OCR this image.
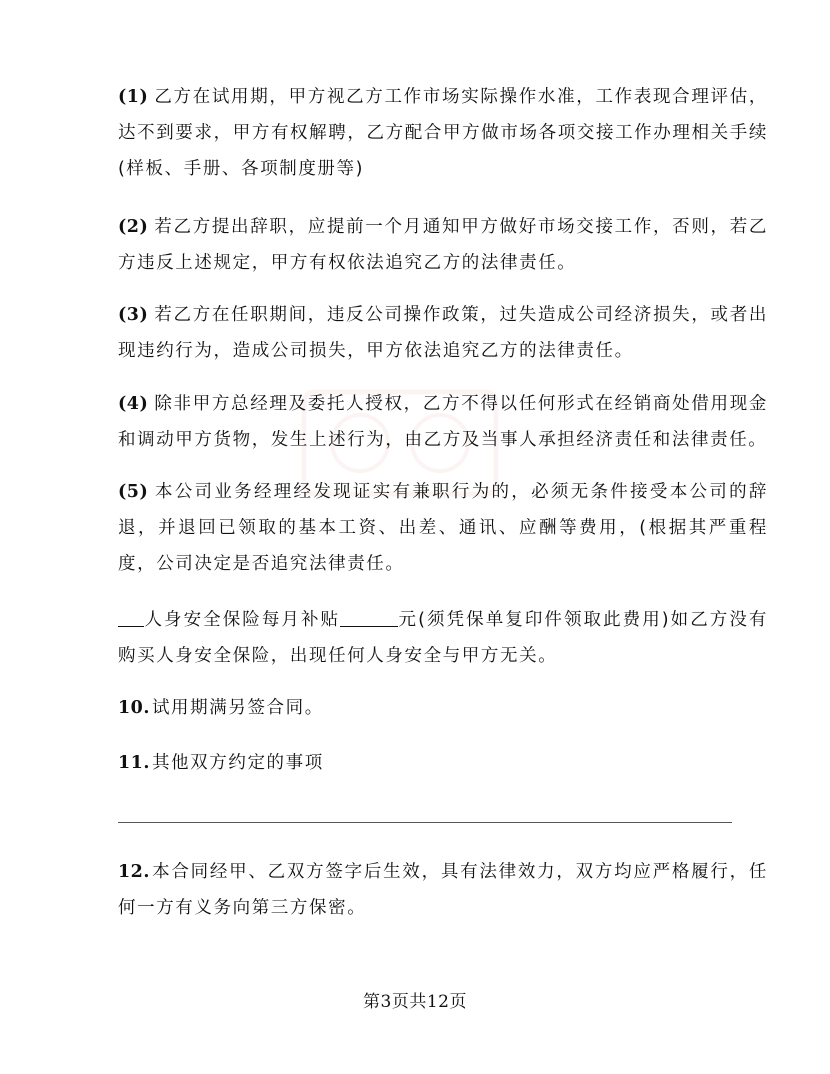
(1) 乙方在试用期，甲方视乙方工作市场实际操作水准，工作表现合理评估，达不到要求，甲方有权解聘，乙方配合甲方做市场各项交接工作办理相关手续(样板、手册、各项制度册等)

(2) 若乙方提出辞职，应提前一个月通知甲方做好市场交接工作，否则，若乙方违反上述规定，甲方有权依法追究乙方的法律责任。

(3) 若乙方在任职期间，违反公司操作政策，过失造成公司经济损失，或者出现违约行为，造成公司损失，甲方依法追究乙方的法律责任。

(4) 除非甲方总经理及委托人授权，乙方不得以任何形式在经销商处借用现金和调动甲方货物，发生上述行为，由乙方及当事人承担经济责任和法律责任。

(5) 本公司业务经理经发现证实有兼职行为的，必须无条件接受本公司的辞退，并退回已领取的基本工资、出差、通讯、应酬等费用，(根据其严重程度，公司决定是否追究法律责任。

人身安全保险每月补贴	元(须凭保单复印件领取此费用)如乙方没有购买人身安全保险，出现任何人身安全与甲方无关。

10. 试用期满另签合同。

11. 其他双方约定的事项

12. 本合同经甲、乙双方签字后生效，具有法律效力，双方均应严格履行，任何一方有义务向第三方保密。

第3页共12页
